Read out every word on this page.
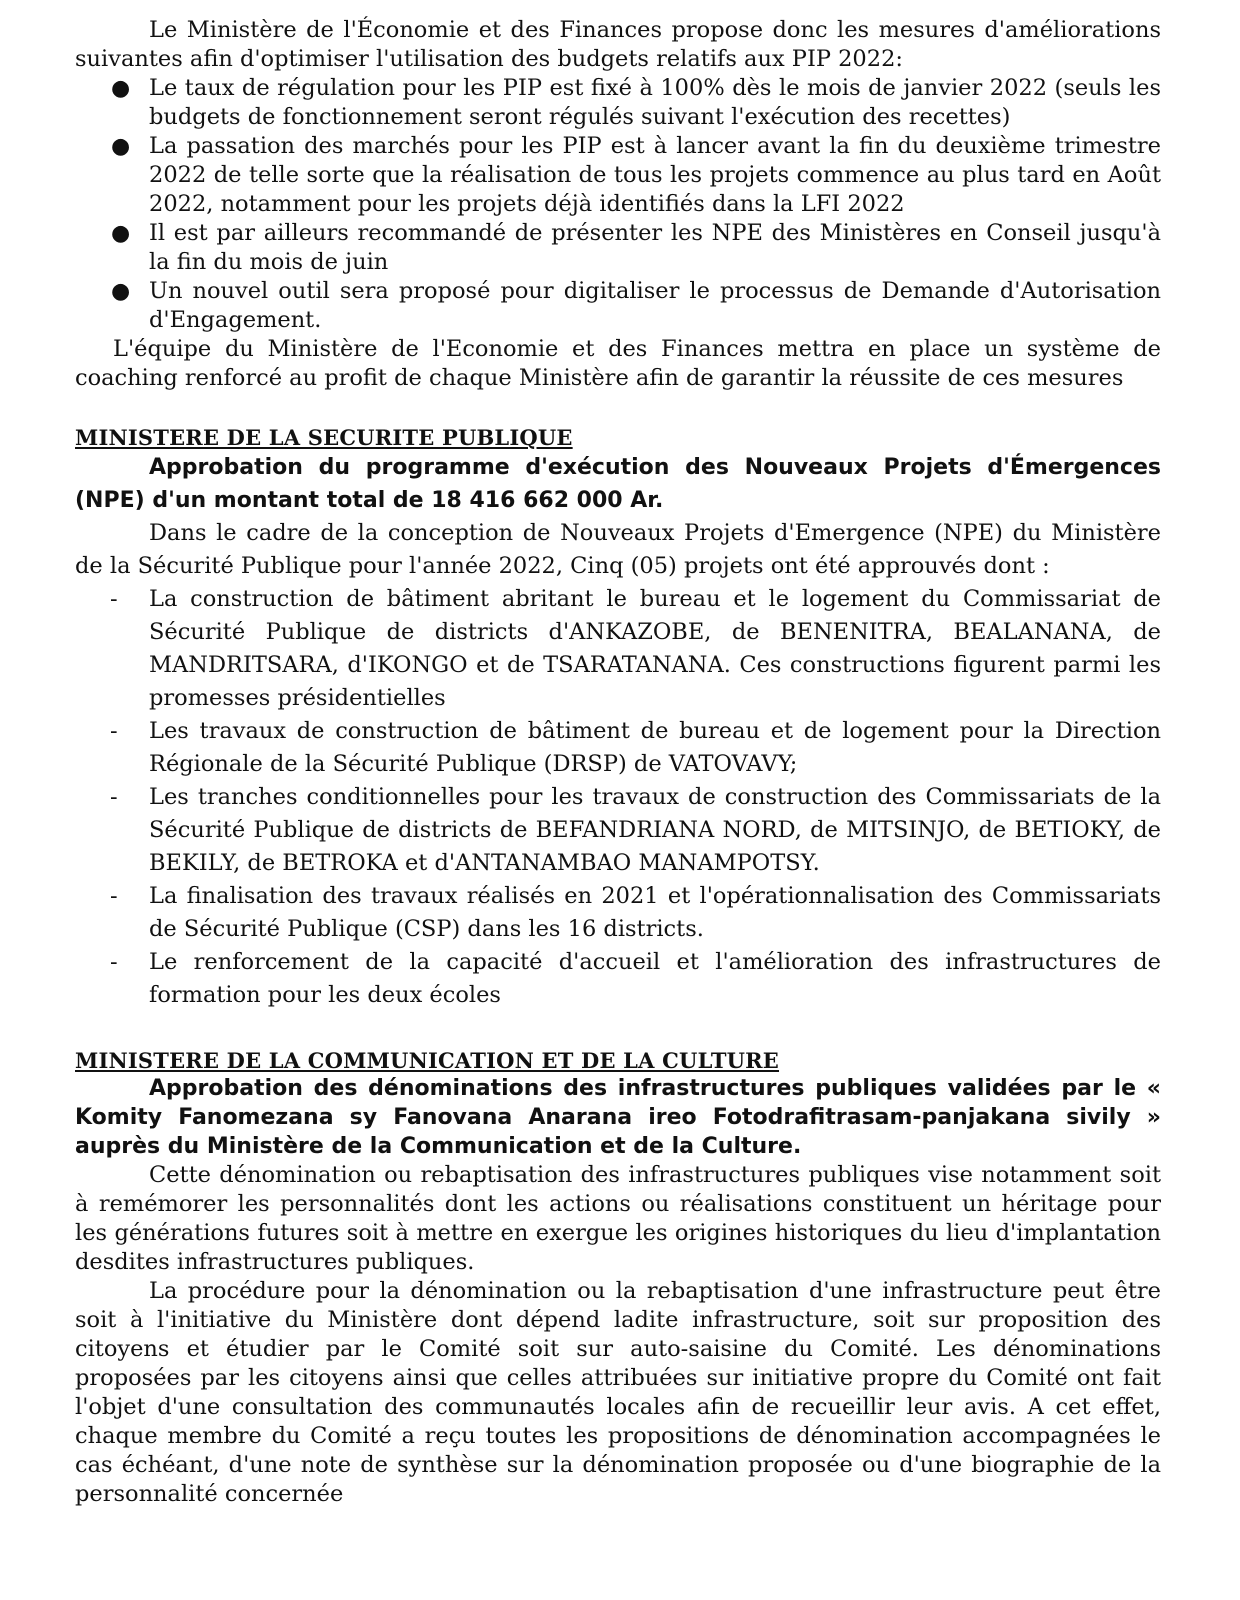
Le Ministère de l'Économie et des Finances propose donc les mesures d'améliorations suivantes afin d'optimiser l'utilisation des budgets relatifs aux PIP 2022:

● Le taux de régulation pour les PIP est fixé à 100% dès le mois de janvier 2022 (seuls les budgets de fonctionnement seront régulés suivant l'exécution des recettes)
● La passation des marchés pour les PIP est à lancer avant la fin du deuxième trimestre 2022 de telle sorte que la réalisation de tous les projets commence au plus tard en Août 2022, notamment pour les projets déjà identifiés dans la LFI 2022
● Il est par ailleurs recommandé de présenter les NPE des Ministères en Conseil jusqu'à la fin du mois de juin
● Un nouvel outil sera proposé pour digitaliser le processus de Demande d'Autorisation d'Engagement.

L'équipe du Ministère de l'Economie et des Finances mettra en place un système de coaching renforcé au profit de chaque Ministère afin de garantir la réussite de ces mesures

MINISTERE DE LA SECURITE PUBLIQUE

Approbation du programme d'exécution des Nouveaux Projets d'Émergences (NPE) d'un montant total de 18 416 662 000 Ar.

Dans le cadre de la conception de Nouveaux Projets d'Emergence (NPE) du Ministère de la Sécurité Publique pour l'année 2022, Cinq (05) projets ont été approuvés dont :

- La construction de bâtiment abritant le bureau et le logement du Commissariat de Sécurité Publique de districts d'ANKAZOBE, de BENENITRA, BEALANANA, de MANDRITSARA, d'IKONGO et de TSARATANANA. Ces constructions figurent parmi les promesses présidentielles
- Les travaux de construction de bâtiment de bureau et de logement pour la Direction Régionale de la Sécurité Publique (DRSP) de VATOVAVY;
- Les tranches conditionnelles pour les travaux de construction des Commissariats de la Sécurité Publique de districts de BEFANDRIANA NORD, de MITSINJO, de BETIOKY, de BEKILY, de BETROKA et d'ANTANAMBAO MANAMPOTSY.
- La finalisation des travaux réalisés en 2021 et l'opérationnalisation des Commissariats de Sécurité Publique (CSP) dans les 16 districts.
- Le renforcement de la capacité d'accueil et l'amélioration des infrastructures de formation pour les deux écoles

MINISTERE DE LA COMMUNICATION ET DE LA CULTURE

Approbation des dénominations des infrastructures publiques validées par le « Komity Fanomezana sy Fanovana Anarana ireo Fotodrafitrasam-panjakana sivily » auprès du Ministère de la Communication et de la Culture.

Cette dénomination ou rebaptisation des infrastructures publiques vise notamment soit à remémorer les personnalités dont les actions ou réalisations constituent un héritage pour les générations futures soit à mettre en exergue les origines historiques du lieu d'implantation desdites infrastructures publiques.

La procédure pour la dénomination ou la rebaptisation d'une infrastructure peut être soit à l'initiative du Ministère dont dépend ladite infrastructure, soit sur proposition des citoyens et étudier par le Comité soit sur auto-saisine du Comité. Les dénominations proposées par les citoyens ainsi que celles attribuées sur initiative propre du Comité ont fait l'objet d'une consultation des communautés locales afin de recueillir leur avis. A cet effet, chaque membre du Comité a reçu toutes les propositions de dénomination accompagnées le cas échéant, d'une note de synthèse sur la dénomination proposée ou d'une biographie de la personnalité concernée
